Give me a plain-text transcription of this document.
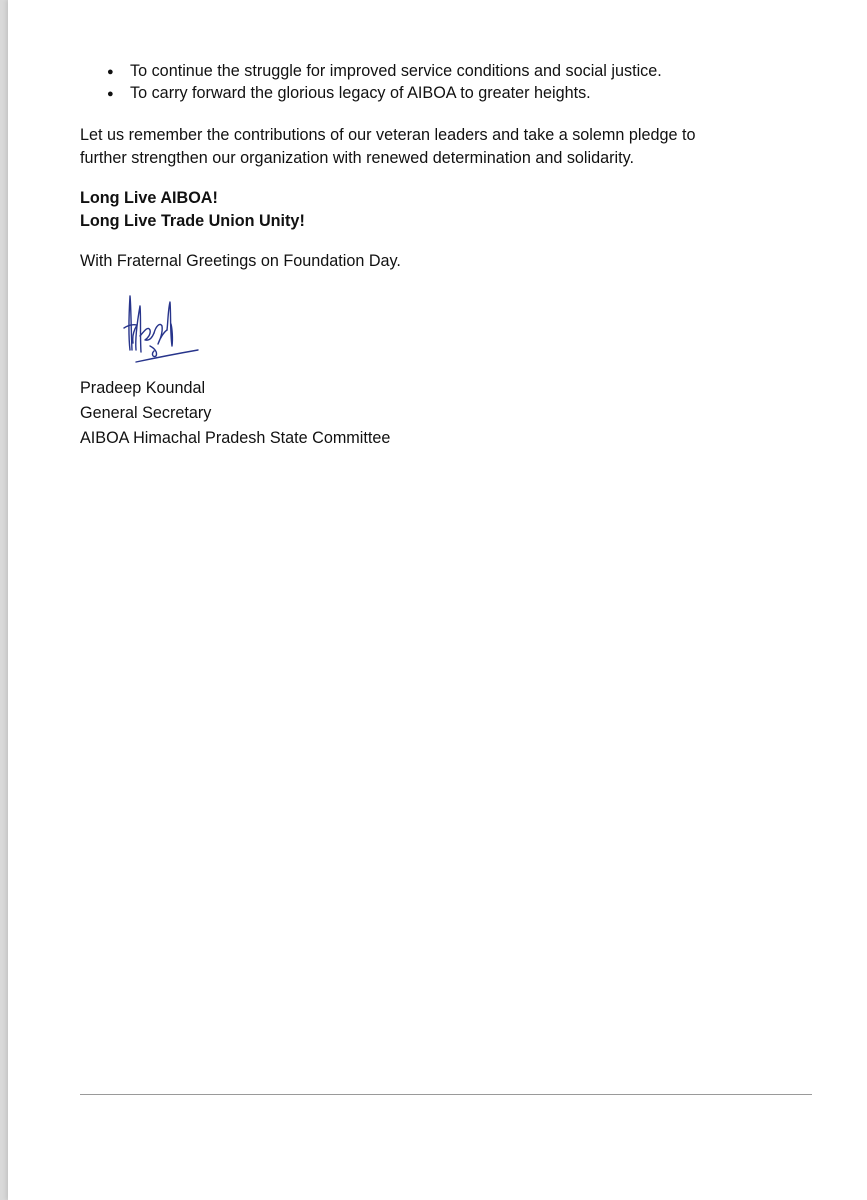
● To continue the struggle for improved service conditions and social justice.
● To carry forward the glorious legacy of AIBOA to greater heights.
Let us remember the contributions of our veteran leaders and take a solemn pledge to
further strengthen our organization with renewed determination and solidarity.
Long Live AIBOA!
Long Live Trade Union Unity!
With Fraternal Greetings on Foundation Day.
Pradeep Koundal
General Secretary
AIBOA Himachal Pradesh State Committee
